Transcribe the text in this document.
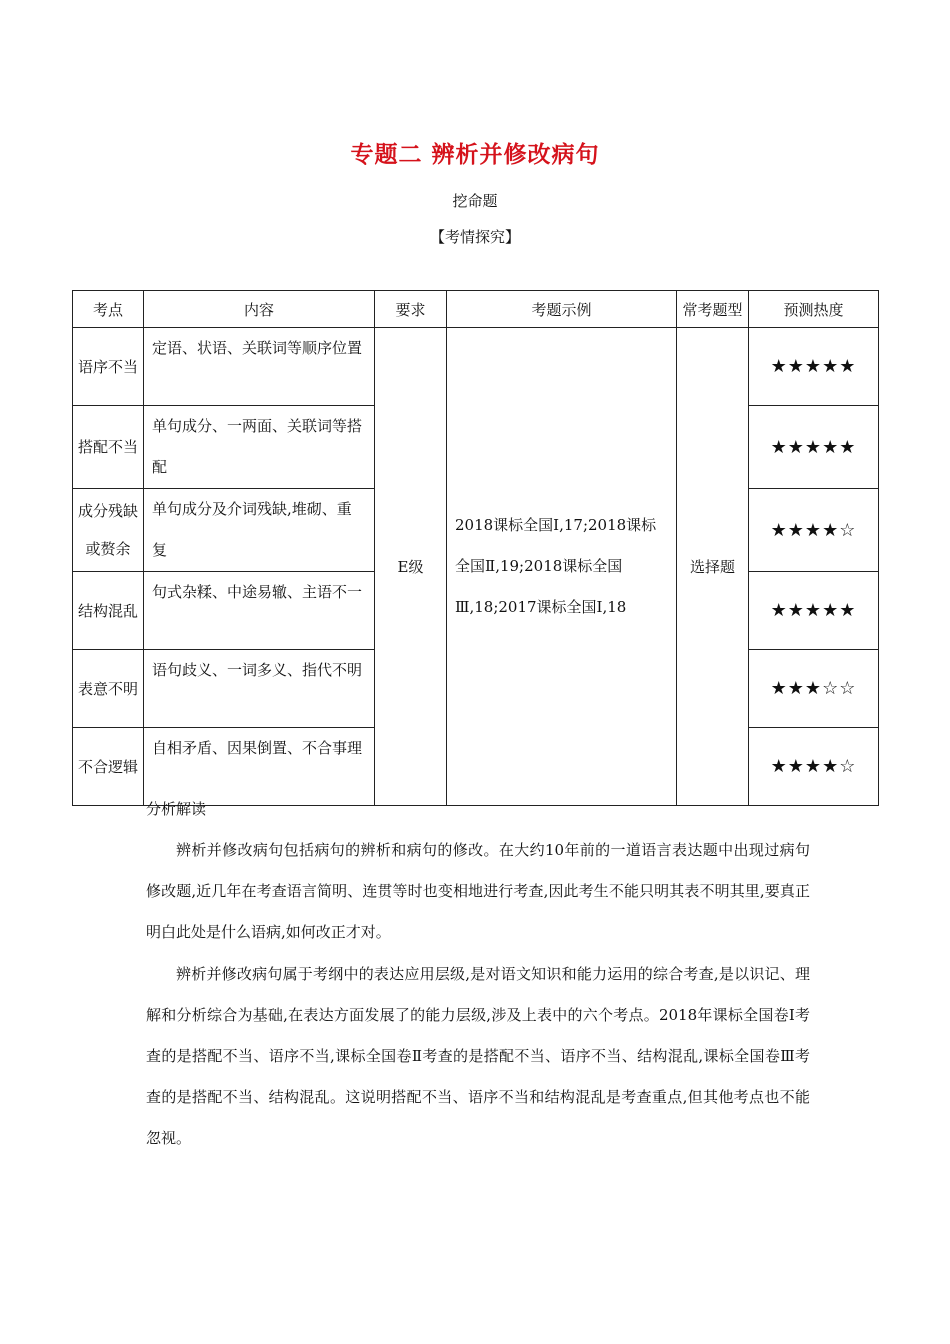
专题二 辨析并修改病句
挖命题
【考情探究】
考点	内容	要求	考题示例	常考题型	预测热度
语序不当	定语、状语、关联词等顺序位置	E级	2018课标全国Ⅰ,17;2018课标全国Ⅱ,19;2018课标全国Ⅲ,18;2017课标全国Ⅰ,18	选择题	★★★★★
搭配不当	单句成分、一两面、关联词等搭配				★★★★★
成分残缺或赘余	单句成分及介词残缺,堆砌、重复				★★★★☆
结构混乱	句式杂糅、中途易辙、主语不一				★★★★★
表意不明	语句歧义、一词多义、指代不明				★★★☆☆
不合逻辑	自相矛盾、因果倒置、不合事理				★★★★☆
分析解读

辨析并修改病句包括病句的辨析和病句的修改。在大约10年前的一道语言表达题中出现过病句修改题,近几年在考查语言简明、连贯等时也变相地进行考查,因此考生不能只明其表不明其里,要真正明白此处是什么语病,如何改正才对。

辨析并修改病句属于考纲中的表达应用层级,是对语文知识和能力运用的综合考查,是以识记、理解和分析综合为基础,在表达方面发展了的能力层级,涉及上表中的六个考点。2018年课标全国卷Ⅰ考查的是搭配不当、语序不当,课标全国卷Ⅱ考查的是搭配不当、语序不当、结构混乱,课标全国卷Ⅲ考查的是搭配不当、结构混乱。这说明搭配不当、语序不当和结构混乱是考查重点,但其他考点也不能忽视。
